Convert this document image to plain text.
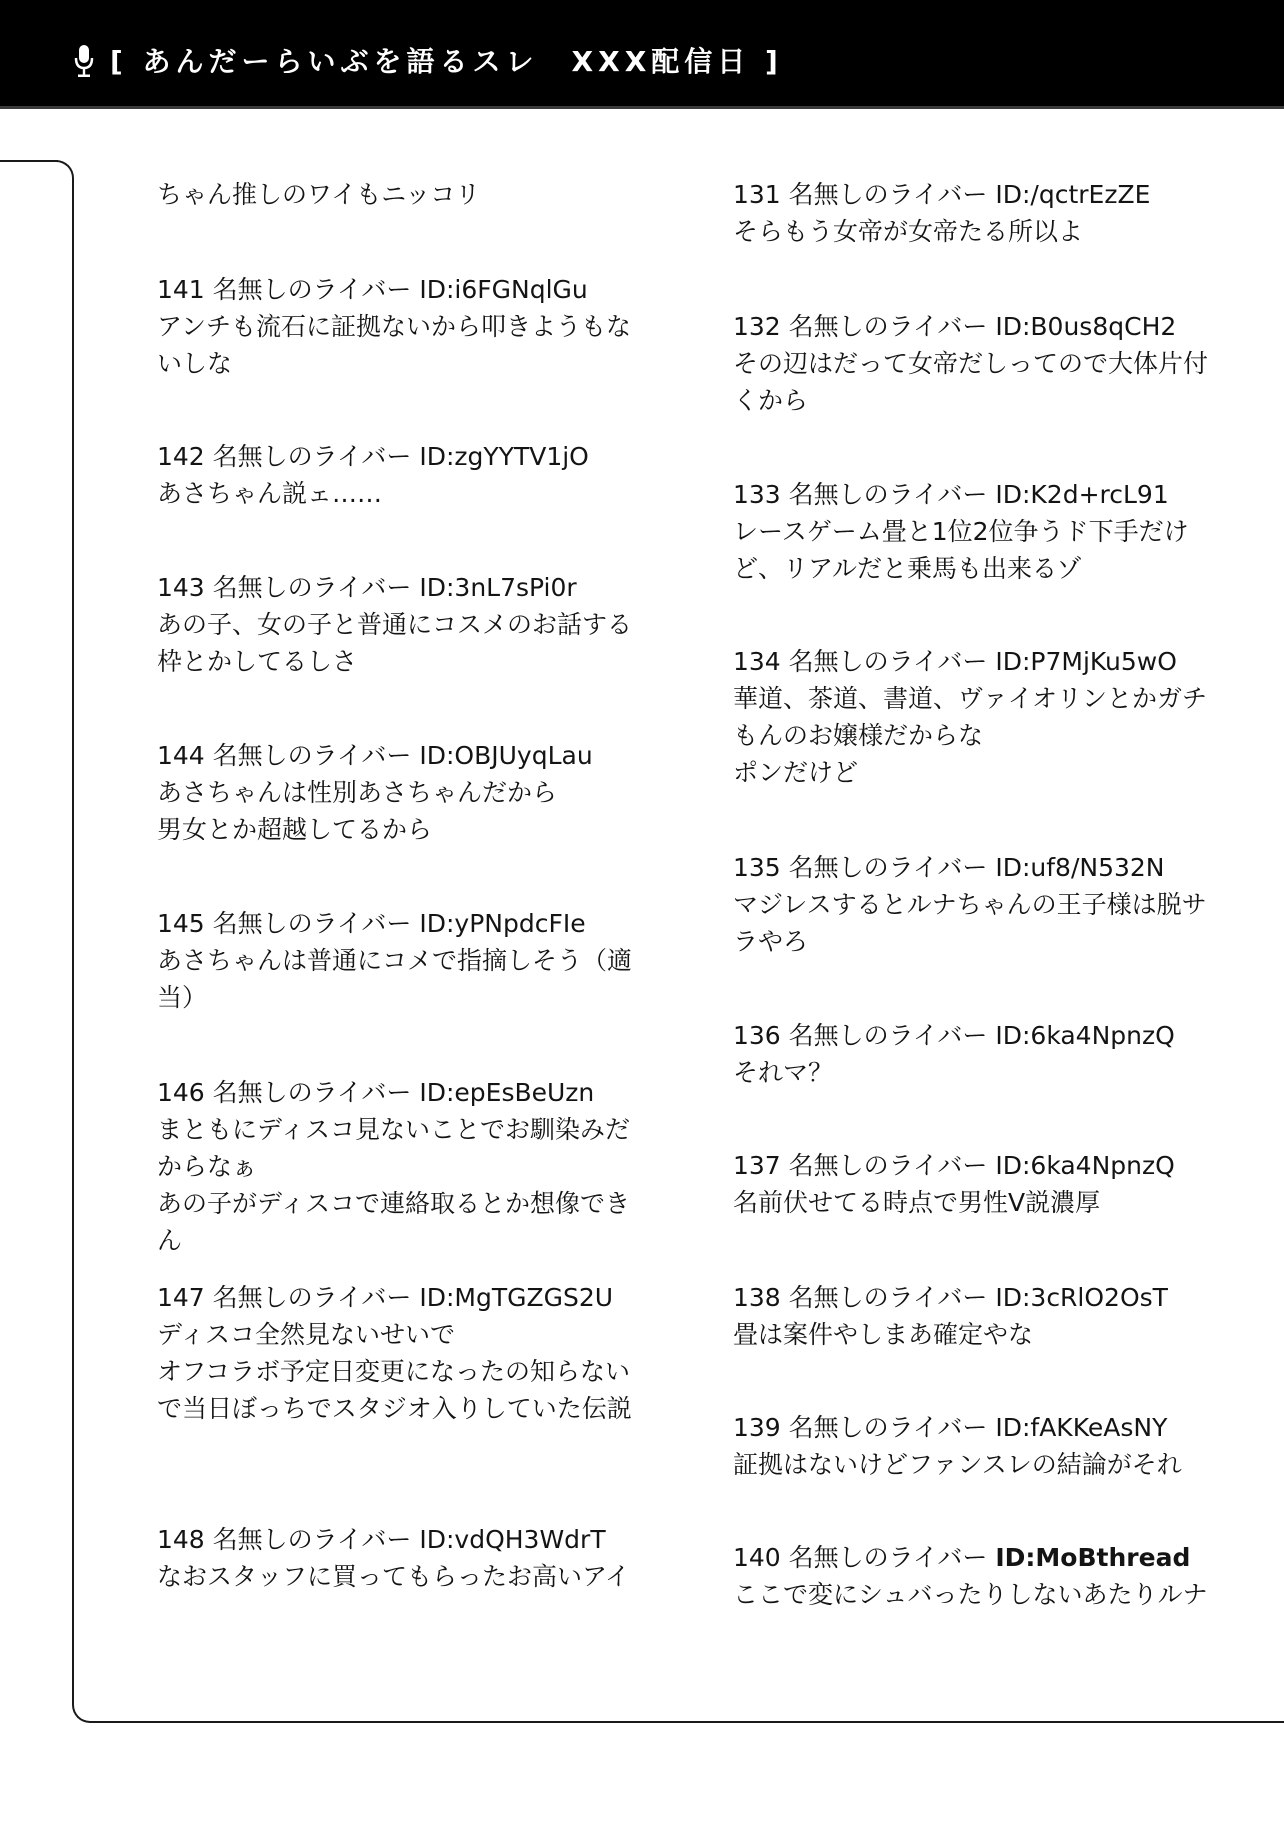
[ あんだーらいぶを語るスレ　XXX配信日 ]
ちゃん推しのワイもニッコリ
141 名無しのライバー ID:i6FGNqlGu
アンチも流石に証拠ないから叩きようもな
いしな
142 名無しのライバー ID:zgYYTV1jO
あさちゃん説ェ……
143 名無しのライバー ID:3nL7sPi0r
あの子、女の子と普通にコスメのお話する
枠とかしてるしさ
144 名無しのライバー ID:OBJUyqLau
あさちゃんは性別あさちゃんだから
男女とか超越してるから
145 名無しのライバー ID:yPNpdcFIe
あさちゃんは普通にコメで指摘しそう（適
当）
146 名無しのライバー ID:epEsBeUzn
まともにディスコ見ないことでお馴染みだ
からなぁ
あの子がディスコで連絡取るとか想像でき
ん
147 名無しのライバー ID:MgTGZGS2U
ディスコ全然見ないせいで
オフコラボ予定日変更になったの知らない
で当日ぼっちでスタジオ入りしていた伝説
148 名無しのライバー ID:vdQH3WdrT
なおスタッフに買ってもらったお高いアイ
131 名無しのライバー ID:/qctrEzZE
そらもう女帝が女帝たる所以よ
132 名無しのライバー ID:B0us8qCH2
その辺はだって女帝だしってので大体片付
くから
133 名無しのライバー ID:K2d+rcL91
レースゲーム畳と1位2位争うド下手だけ
ど、リアルだと乗馬も出来るゾ
134 名無しのライバー ID:P7MjKu5wO
華道、茶道、書道、ヴァイオリンとかガチ
もんのお嬢様だからな
ポンだけど
135 名無しのライバー ID:uf8/N532N
マジレスするとルナちゃんの王子様は脱サ
ラやろ
136 名無しのライバー ID:6ka4NpnzQ
それマ？
137 名無しのライバー ID:6ka4NpnzQ
名前伏せてる時点で男性V説濃厚
138 名無しのライバー ID:3cRlO2OsT
畳は案件やしまあ確定やな
139 名無しのライバー ID:fAKKeAsNY
証拠はないけどファンスレの結論がそれ
140 名無しのライバー ID:MoBthread
ここで変にシュバったりしないあたりルナ
